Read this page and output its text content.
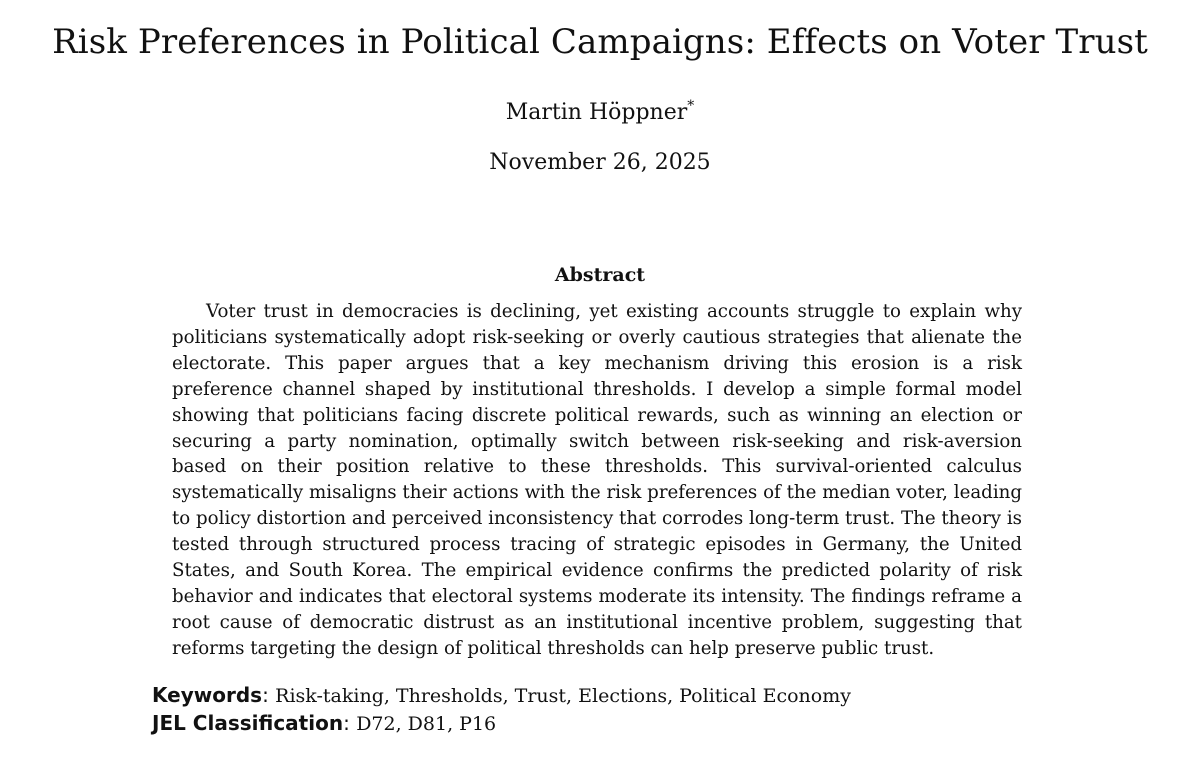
Risk Preferences in Political Campaigns: Effects on Voter Trust
Martin Höppner*
November 26, 2025
Abstract

Voter trust in democracies is declining, yet existing accounts struggle to explain why politicians systematically adopt risk-seeking or overly cautious strategies that alienate the electorate. This paper argues that a key mechanism driving this erosion is a risk preference channel shaped by institutional thresholds. I develop a simple formal model showing that politicians facing discrete political rewards, such as winning an election or securing a party nomination, optimally switch between risk-seeking and risk-aversion based on their position relative to these thresholds. This survival-oriented calculus systematically misaligns their actions with the risk preferences of the median voter, leading to policy distortion and perceived inconsistency that corrodes long-term trust. The theory is tested through structured process tracing of strategic episodes in Germany, the United States, and South Korea. The empirical evidence confirms the predicted polarity of risk behavior and indicates that electoral systems moderate its intensity. The findings reframe a root cause of democratic distrust as an institutional incentive problem, suggesting that reforms targeting the design of political thresholds can help preserve public trust.

Keywords: Risk-taking, Thresholds, Trust, Elections, Political Economy
JEL Classification: D72, D81, P16
